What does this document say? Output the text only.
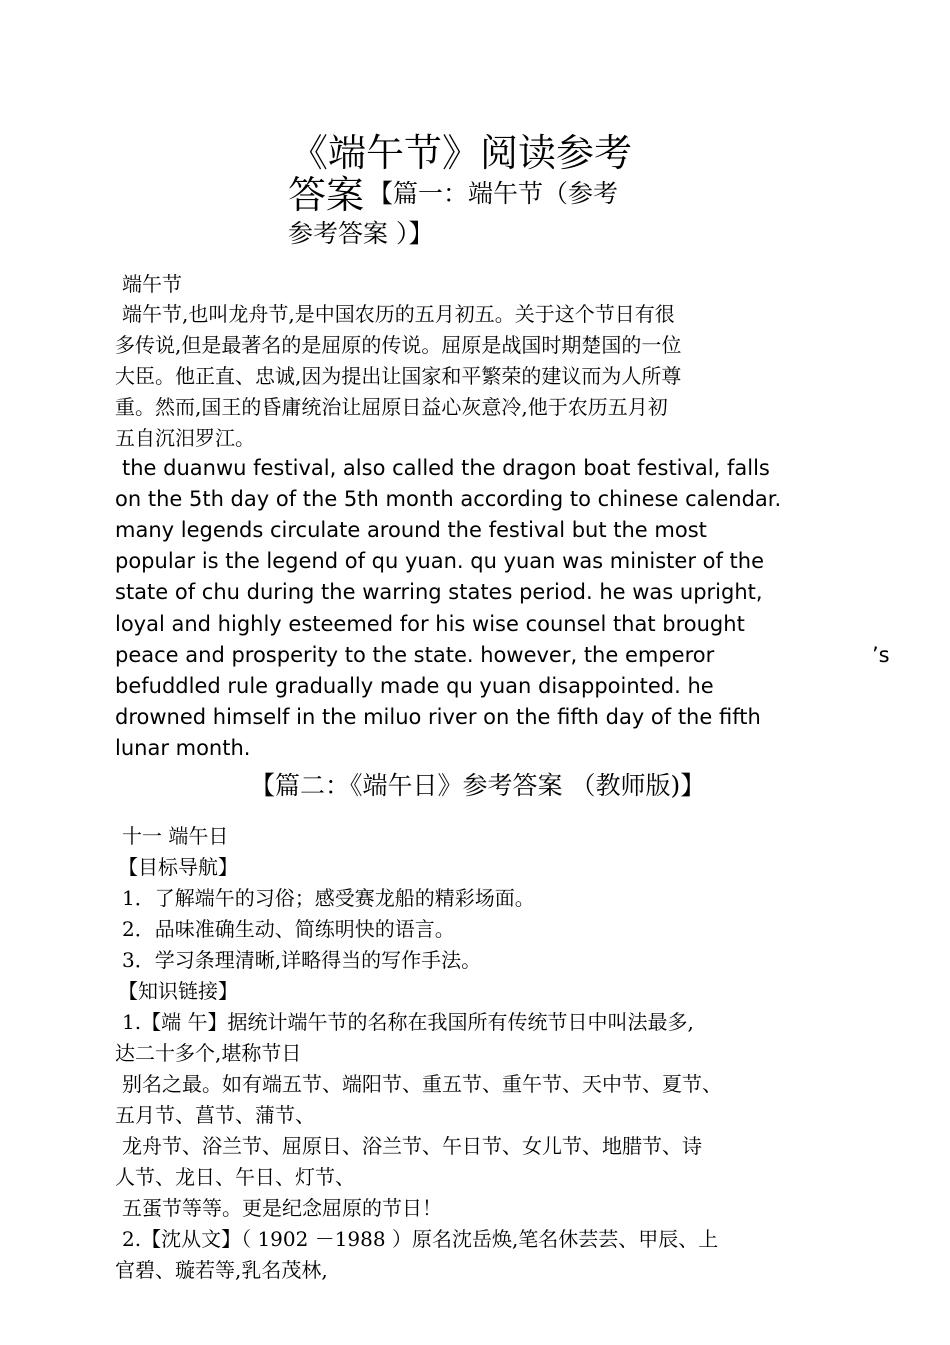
《端午节》阅读参考
答案 【篇一：端午节（参考
参考答案 ）】
端午节
端午节,也叫龙舟节,是中国农历的五月初五。关于这个节日有很
多传说,但是最著名的是屈原的传说。屈原是战国时期楚国的一位
大臣。他正直、忠诚,因为提出让国家和平繁荣的建议而为人所尊
重。然而,国王的昏庸统治让屈原日益心灰意冷,他于农历五月初
五自沉汨罗江。
the duanwu festival, also called the dragon boat festival, falls
on the 5th day of the 5th month according to chinese calendar.
many legends circulate around the festival but the most
popular is the legend of qu yuan. qu yuan was minister of the
state of chu during the warring states period. he was upright,
loyal and highly esteemed for his wise counsel that brought
peace and prosperity to the state. however, the emperor	’s
befuddled rule gradually made qu yuan disappointed. he
drowned himself in the miluo river on the fifth day of the fifth
lunar month.
【篇二：《端午日》参考答案 （教师版)】
十一 端午日
【目标导航】
1．了解端午的习俗；感受赛龙船的精彩场面。
2．品味准确生动、简练明快的语言。
3．学习条理清晰,详略得当的写作手法。
【知识链接】
1.【端 午】据统计端午节的名称在我国所有传统节日中叫法最多,
达二十多个,堪称节日
别名之最。如有端五节、端阳节、重五节、重午节、天中节、夏节、
五月节、菖节、蒲节、
龙舟节、浴兰节、屈原日、浴兰节、午日节、女儿节、地腊节、诗
人节、龙日、午日、灯节、
五蛋节等等。更是纪念屈原的节日！
2.【沈从文】（ 1902 －1988 ）原名沈岳焕,笔名休芸芸、甲辰、上
官碧、璇若等,乳名茂林,
